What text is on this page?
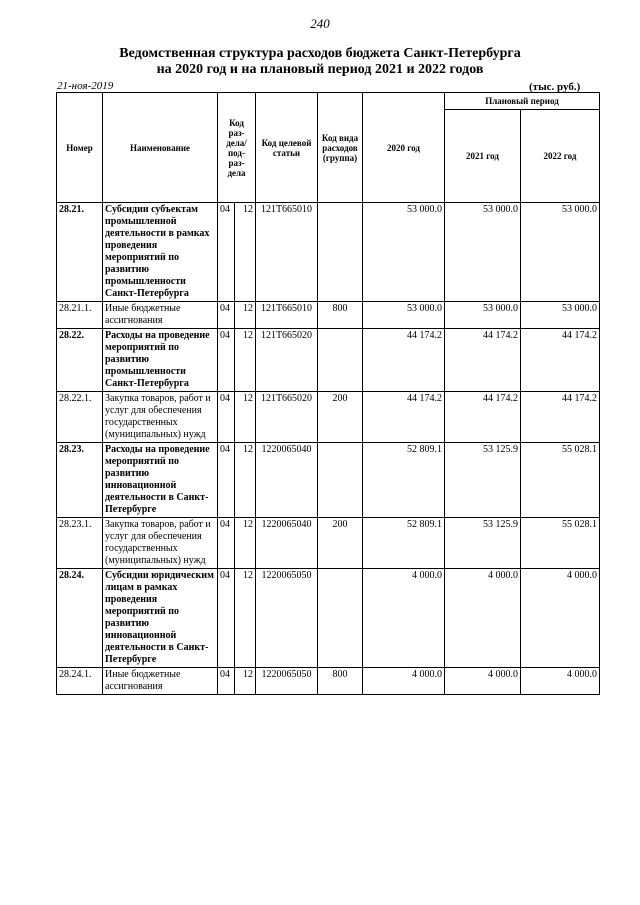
240
Ведомственная структура расходов бюджета Санкт-Петербурга
на 2020 год и на плановый период 2021 и 2022 годов
21-ноя-2019	(тыс. руб.)
Номер	Наименование	Код раз-дела/ под-раз-дела		Код целевой статьи	Код вида расходов (группа)	2020 год	Плановый период	
							2021 год	2022 год
28.21.	Субсидии субъектам промышленной деятельности в рамках проведения мероприятий по развитию промышленности Санкт-Петербурга	04	12	121T665010		53 000.0	53 000.0	53 000.0
28.21.1.	Иные бюджетные ассигнования	04	12	121T665010	800	53 000.0	53 000.0	53 000.0
28.22.	Расходы на проведение мероприятий по развитию промышленности Санкт-Петербурга	04	12	121T665020		44 174.2	44 174.2	44 174.2
28.22.1.	Закупка товаров, работ и услуг для обеспечения государственных (муниципальных) нужд	04	12	121T665020	200	44 174.2	44 174.2	44 174.2
28.23.	Расходы на проведение мероприятий по развитию инновационной деятельности в Санкт-Петербурге	04	12	1220065040		52 809.1	53 125.9	55 028.1
28.23.1.	Закупка товаров, работ и услуг для обеспечения государственных (муниципальных) нужд	04	12	1220065040	200	52 809.1	53 125.9	55 028.1
28.24.	Субсидии юридическим лицам в рамках проведения мероприятий по развитию инновационной деятельности в Санкт-Петербурге	04	12	1220065050		4 000.0	4 000.0	4 000.0
28.24.1.	Иные бюджетные ассигнования	04	12	1220065050	800	4 000.0	4 000.0	4 000.0
